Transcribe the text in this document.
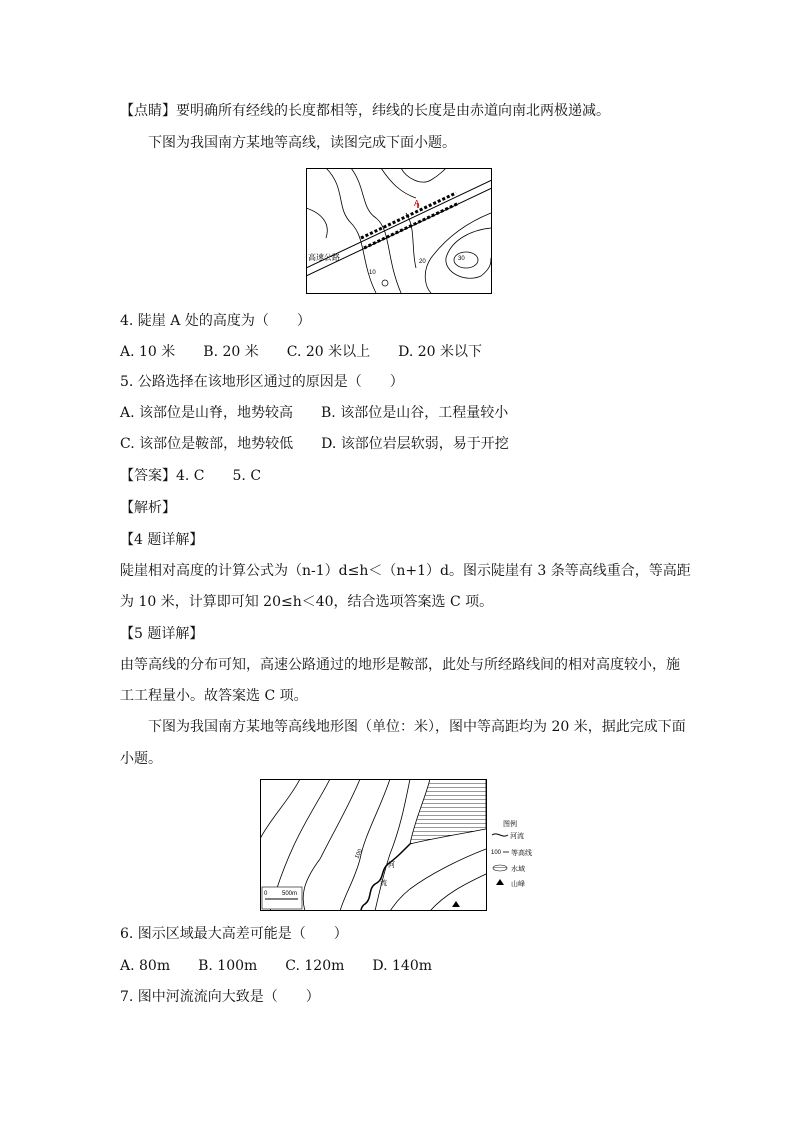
【点睛】要明确所有经线的长度都相等，纬线的长度是由赤道向南北两极递减。
下图为我国南方某地等高线，读图完成下面小题。
A
高速公路
10
20	30
4. 陡崖 A 处的高度为（　　）
A. 10 米　　B. 20 米　　C. 20 米以上　　D. 20 米以下
5. 公路选择在该地形区通过的原因是（　　）
A. 该部位是山脊，地势较高　　B. 该部位是山谷，工程量较小
C. 该部位是鞍部，地势较低　　D. 该部位岩层软弱，易于开挖
【答案】4. C　　5. C
【解析】
【4 题详解】
陡崖相对高度的计算公式为（n-1）d≤h＜（n+1）d。图示陡崖有 3 条等高线重合，等高距
为 10 米，计算即可知 20≤h＜40，结合选项答案选 C 项。
【5 题详解】
由等高线的分布可知，高速公路通过的地形是鞍部，此处与所经路线间的相对高度较小，施
工工程量小。故答案选 C 项。
下图为我国南方某地等高线地形图（单位：米），图中等高距均为 20 米，据此完成下面
小题。
100
河
流
0 500m
图例
河流
100 等高线
水域
山峰
6. 图示区域最大高差可能是（　　）
A. 80m　　B. 100m　　C. 120m　　D. 140m
7. 图中河流流向大致是（　　）
